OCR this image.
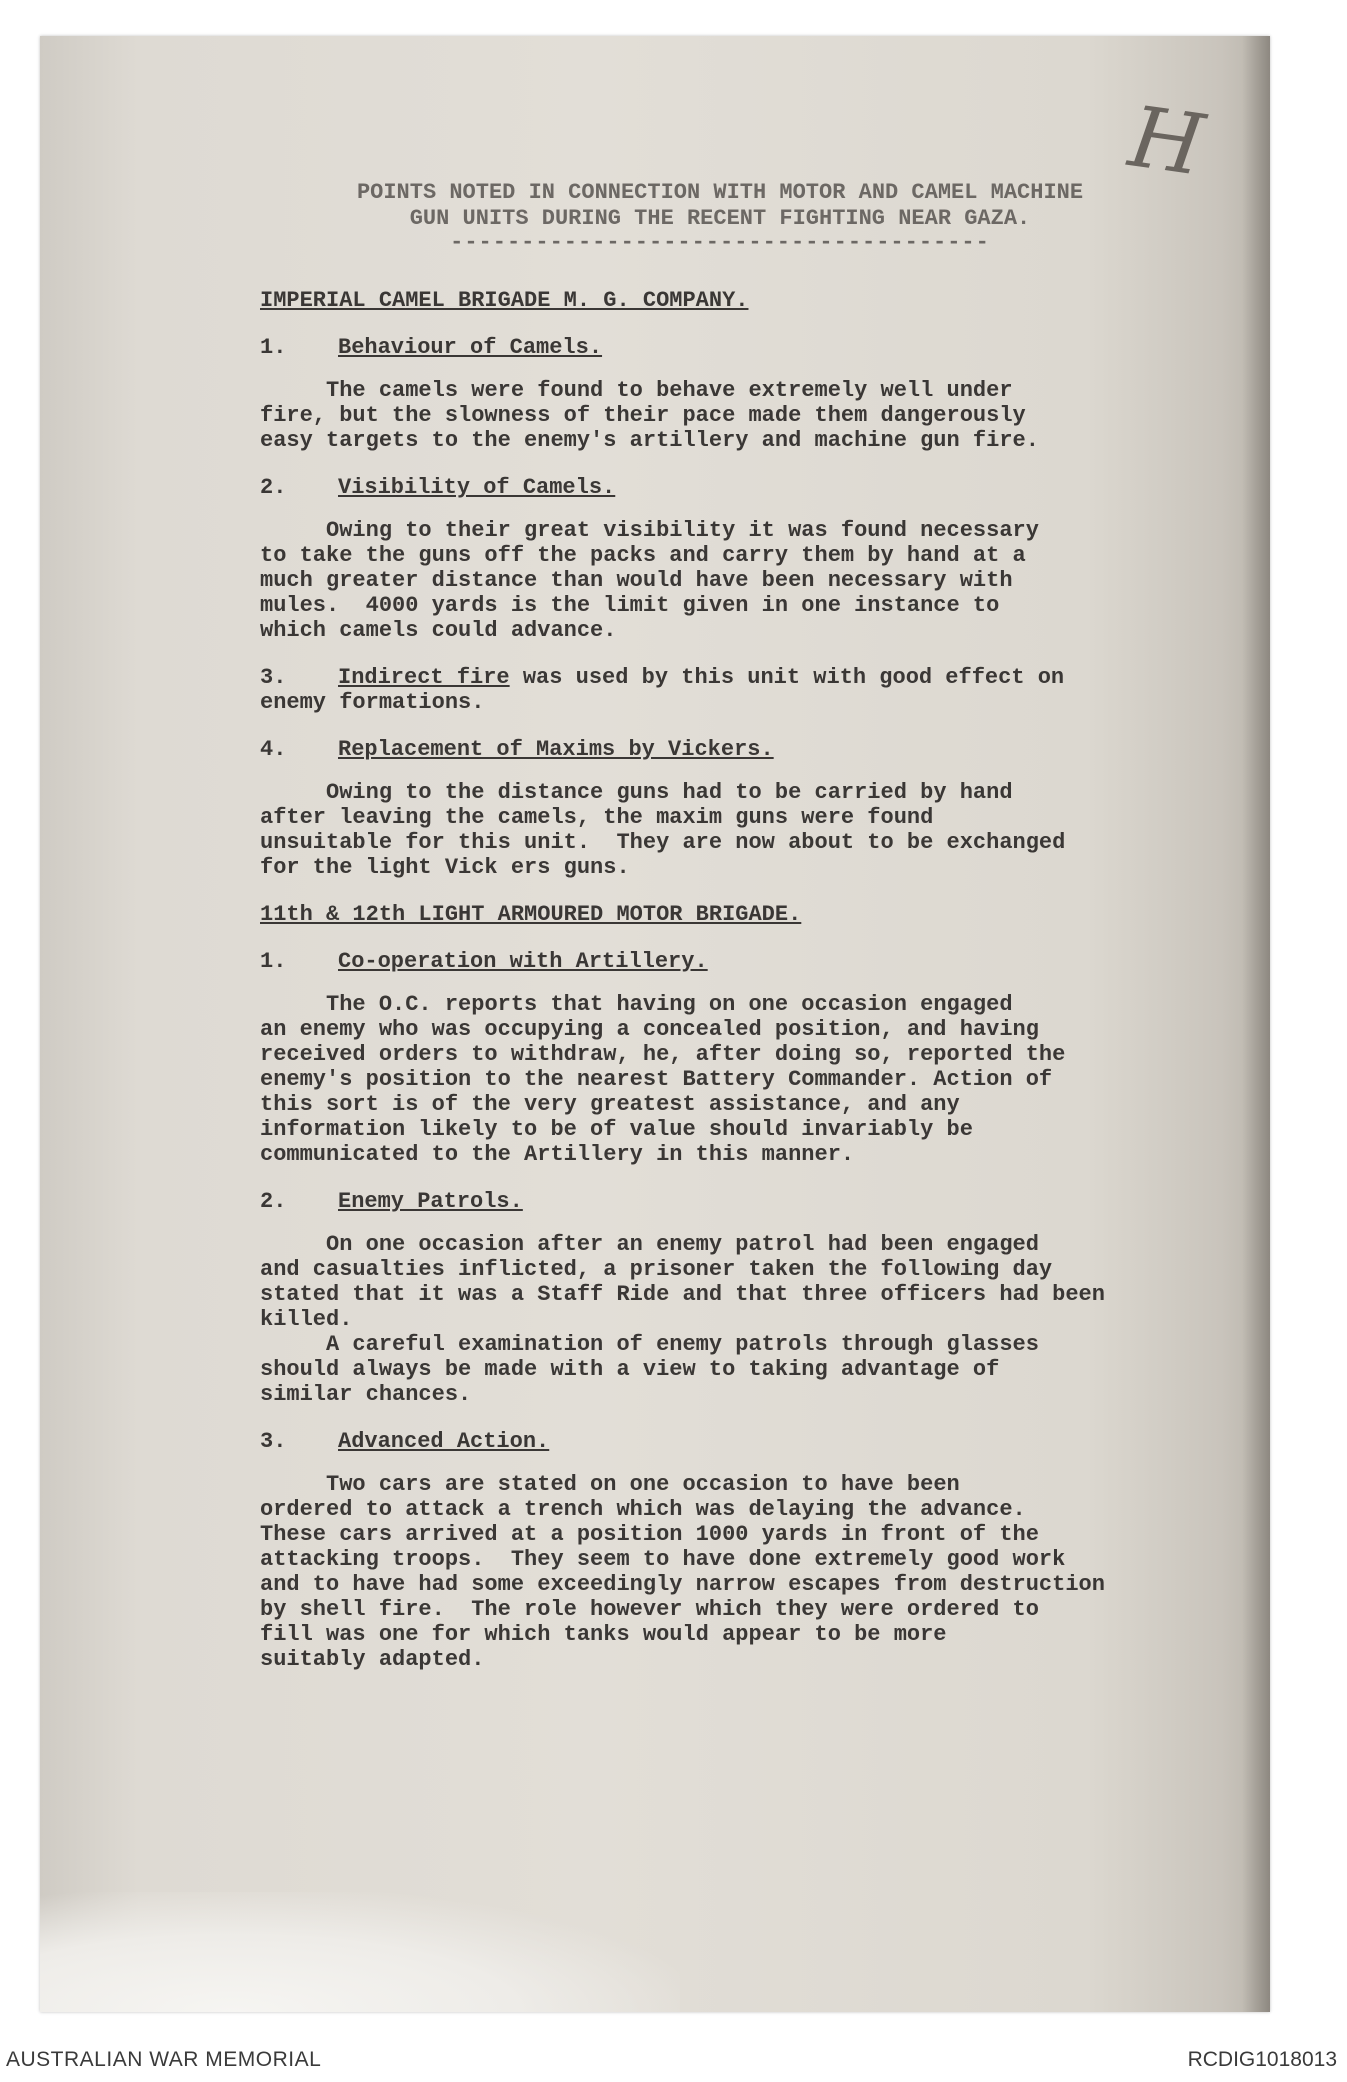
H
POINTS NOTED IN CONNECTION WITH MOTOR AND CAMEL MACHINE
GUN UNITS DURING THE RECENT FIGHTING NEAR GAZA.
--------------------------------------
IMPERIAL CAMEL BRIGADE M. G. COMPANY.
1. Behaviour of Camels.
The camels were found to behave extremely well under
fire, but the slowness of their pace made them dangerously
easy targets to the enemy's artillery and machine gun fire.
2. Visibility of Camels.
Owing to their great visibility it was found necessary
to take the guns off the packs and carry them by hand at a
much greater distance than would have been necessary with
mules.  4000 yards is the limit given in one instance to
which camels could advance.
3. Indirect fire was used by this unit with good effect on
enemy formations.
4. Replacement of Maxims by Vickers.
Owing to the distance guns had to be carried by hand
after leaving the camels, the maxim guns were found
unsuitable for this unit.  They are now about to be exchanged
for the light Vick ers guns.
11th & 12th LIGHT ARMOURED MOTOR BRIGADE.
1. Co-operation with Artillery.
The O.C. reports that having on one occasion engaged
an enemy who was occupying a concealed position, and having
received orders to withdraw, he, after doing so, reported the
enemy's position to the nearest Battery Commander. Action of
this sort is of the very greatest assistance, and any
information likely to be of value should invariably be
communicated to the Artillery in this manner.
2. Enemy Patrols.
On one occasion after an enemy patrol had been engaged
and casualties inflicted, a prisoner taken the following day
stated that it was a Staff Ride and that three officers had been
killed.
A careful examination of enemy patrols through glasses
should always be made with a view to taking advantage of
similar chances.
3. Advanced Action.
Two cars are stated on one occasion to have been
ordered to attack a trench which was delaying the advance.
These cars arrived at a position 1000 yards in front of the
attacking troops.  They seem to have done extremely good work
and to have had some exceedingly narrow escapes from destruction
by shell fire.  The role however which they were ordered to
fill was one for which tanks would appear to be more
suitably adapted.
AUSTRALIAN WAR MEMORIAL	RCDIG1018013
